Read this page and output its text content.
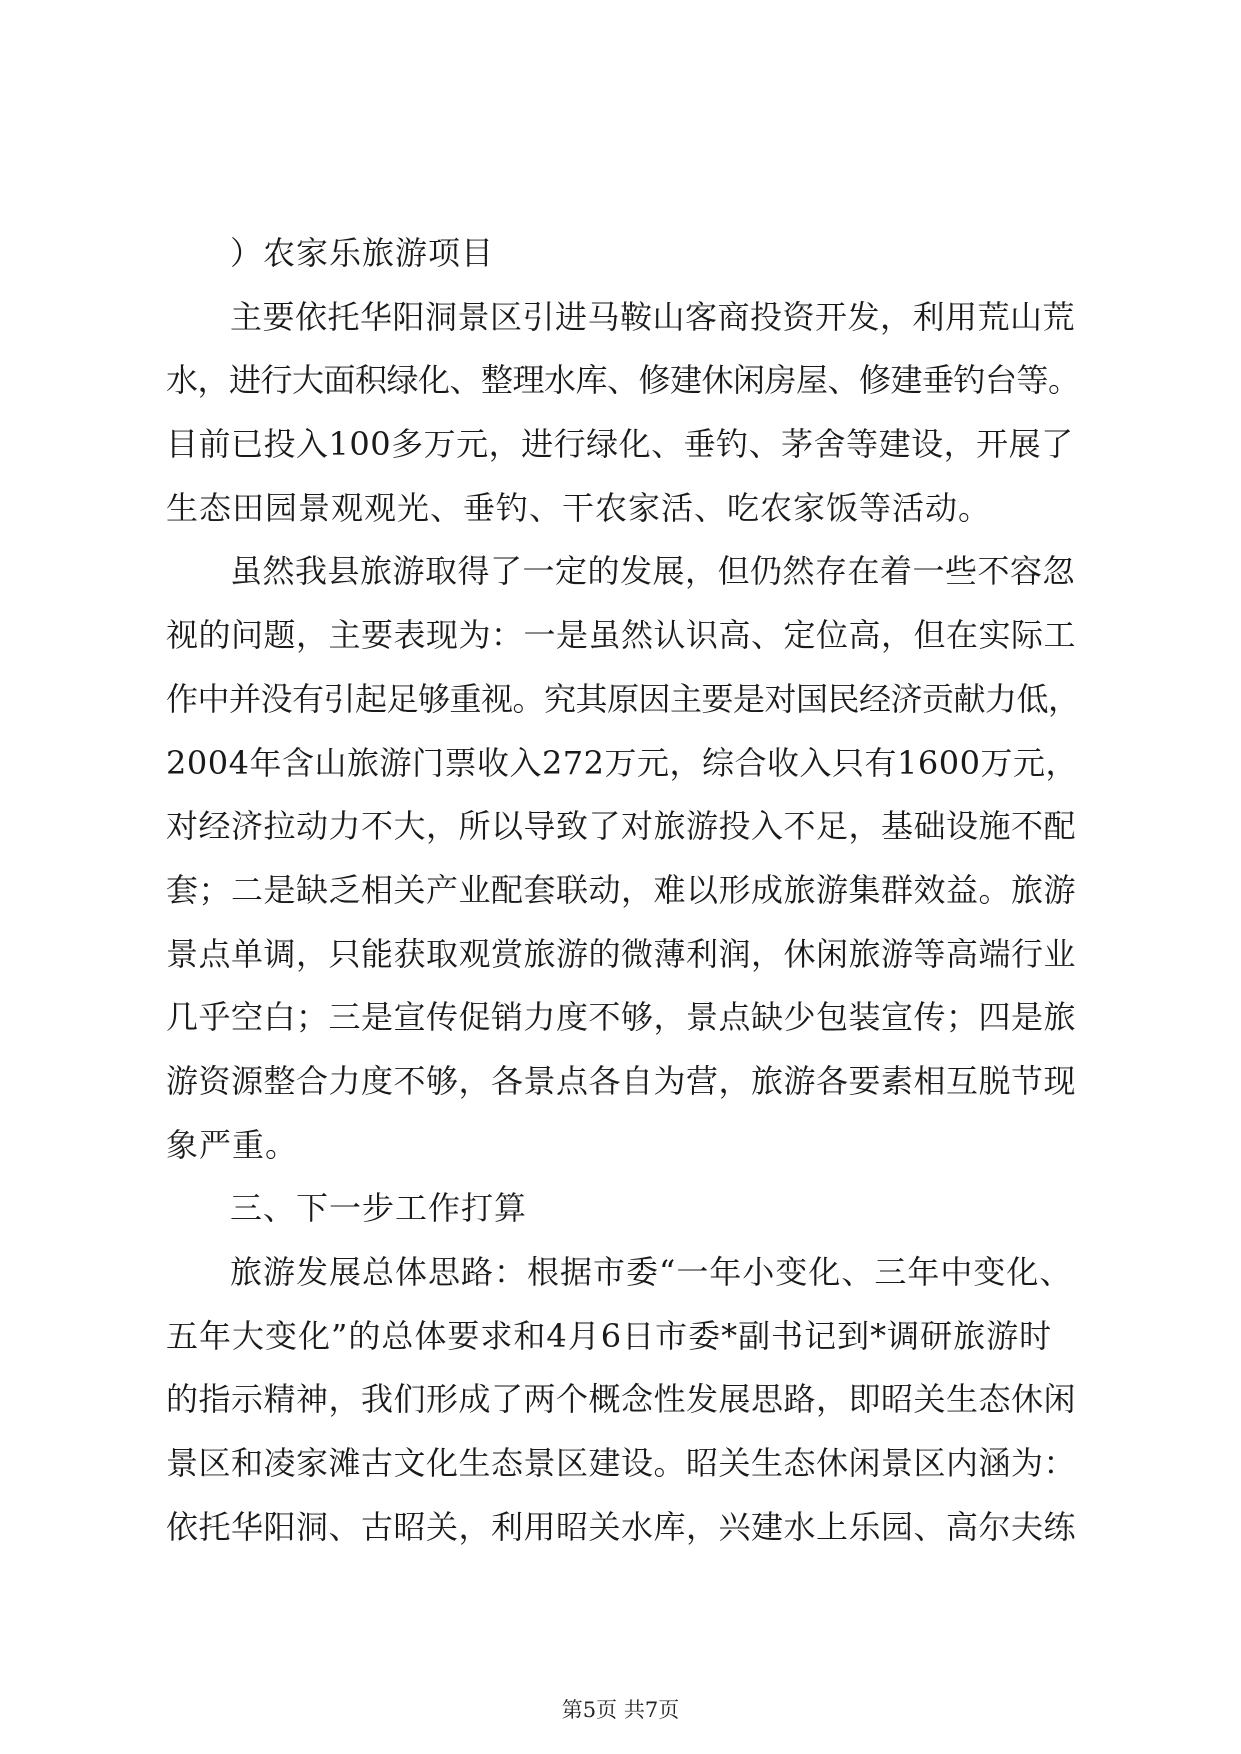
）农家乐旅游项目
主要依托华阳洞景区引进马鞍山客商投资开发，利用荒山荒
水，进行大面积绿化、整理水库、修建休闲房屋、修建垂钓台等。
目前已投入100多万元，进行绿化、垂钓、茅舍等建设，开展了
生态田园景观观光、垂钓、干农家活、吃农家饭等活动。
虽然我县旅游取得了一定的发展，但仍然存在着一些不容忽
视的问题，主要表现为：一是虽然认识高、定位高，但在实际工
作中并没有引起足够重视。究其原因主要是对国民经济贡献力低，
2004年含山旅游门票收入272万元，综合收入只有1600万元，
对经济拉动力不大，所以导致了对旅游投入不足，基础设施不配
套；二是缺乏相关产业配套联动，难以形成旅游集群效益。旅游
景点单调，只能获取观赏旅游的微薄利润，休闲旅游等高端行业
几乎空白；三是宣传促销力度不够，景点缺少包装宣传；四是旅
游资源整合力度不够，各景点各自为营，旅游各要素相互脱节现
象严重。
三、下一步工作打算
旅游发展总体思路：根据市委“一年小变化、三年中变化、
五年大变化”的总体要求和4月6日市委*副书记到*调研旅游时
的指示精神，我们形成了两个概念性发展思路，即昭关生态休闲
景区和凌家滩古文化生态景区建设。昭关生态休闲景区内涵为：
依托华阳洞、古昭关，利用昭关水库，兴建水上乐园、高尔夫练
第5页 共7页
